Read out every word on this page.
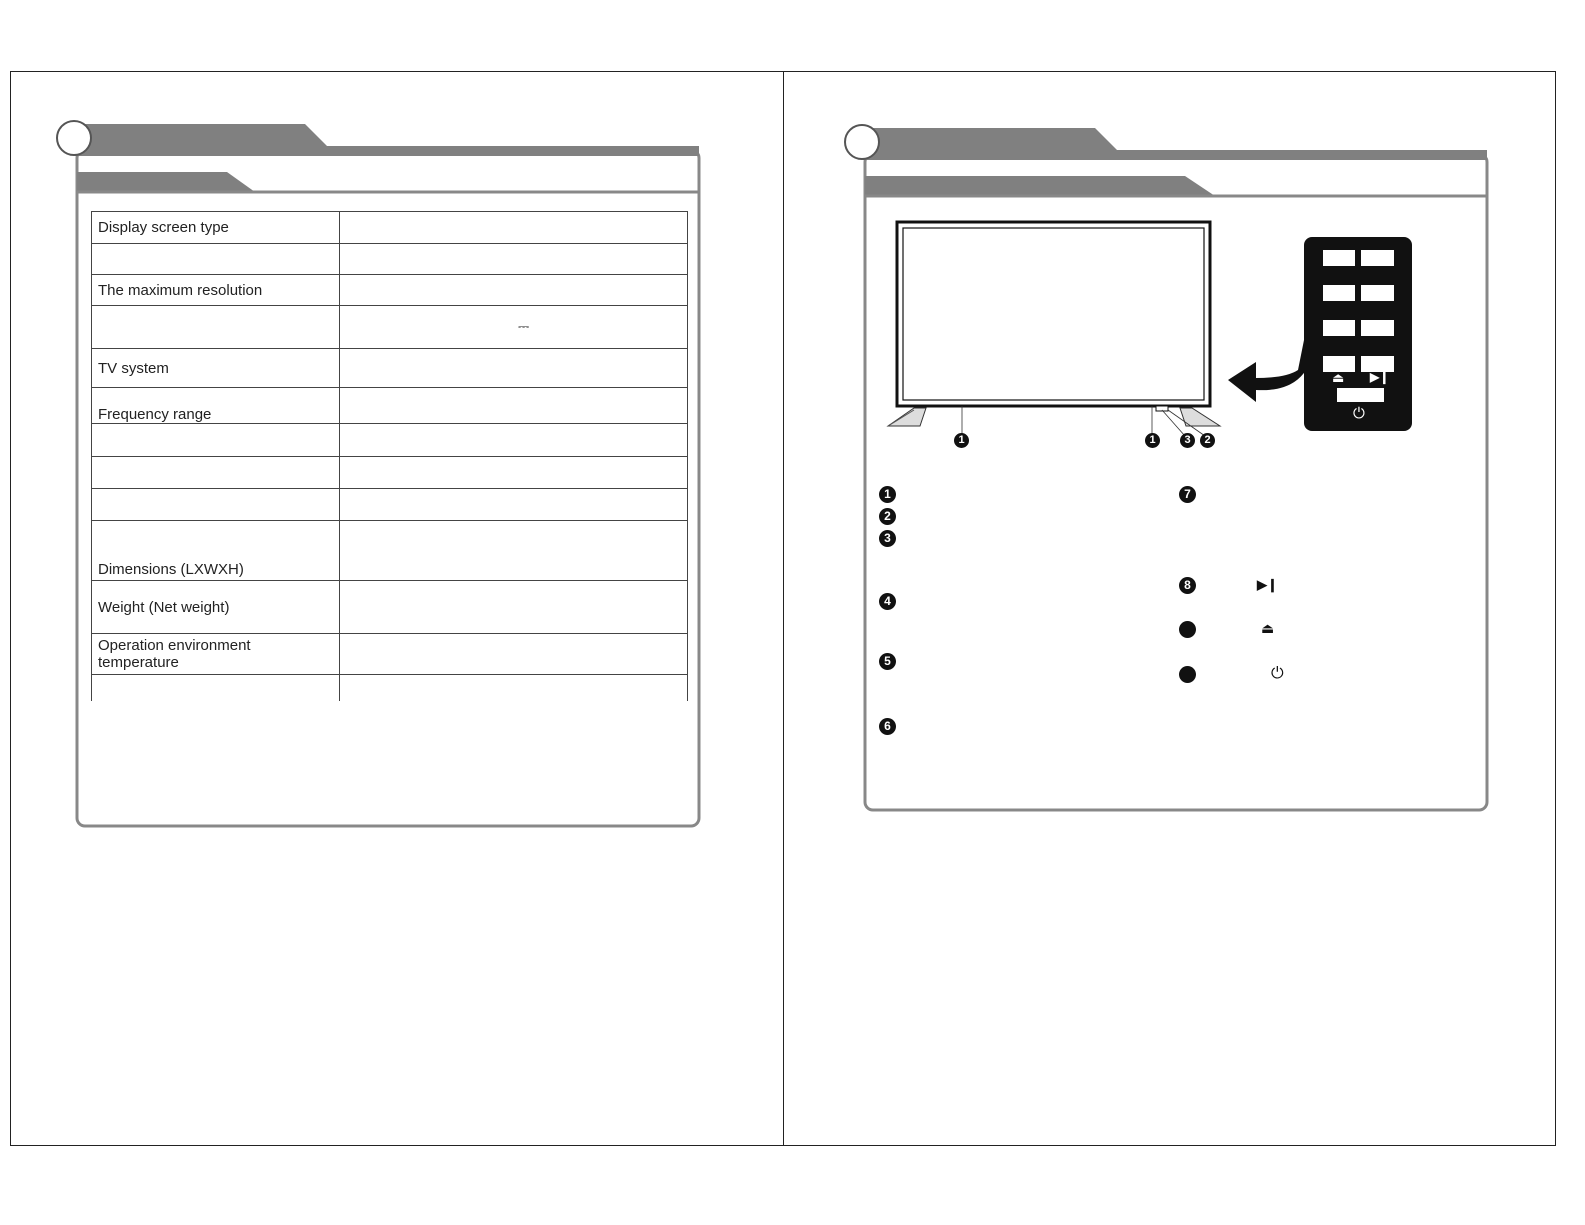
Display screen type	

The maximum resolution	

	⎓

TV system	
Frequency range	

Dimensions (LXWXH)	
Weight (Net weight)	
Operation environment temperature	

1	1	3	2
⏏ ▶❙
⏻
1
2
3
4
5
6
7
8	▶❙
⏏
⏻
